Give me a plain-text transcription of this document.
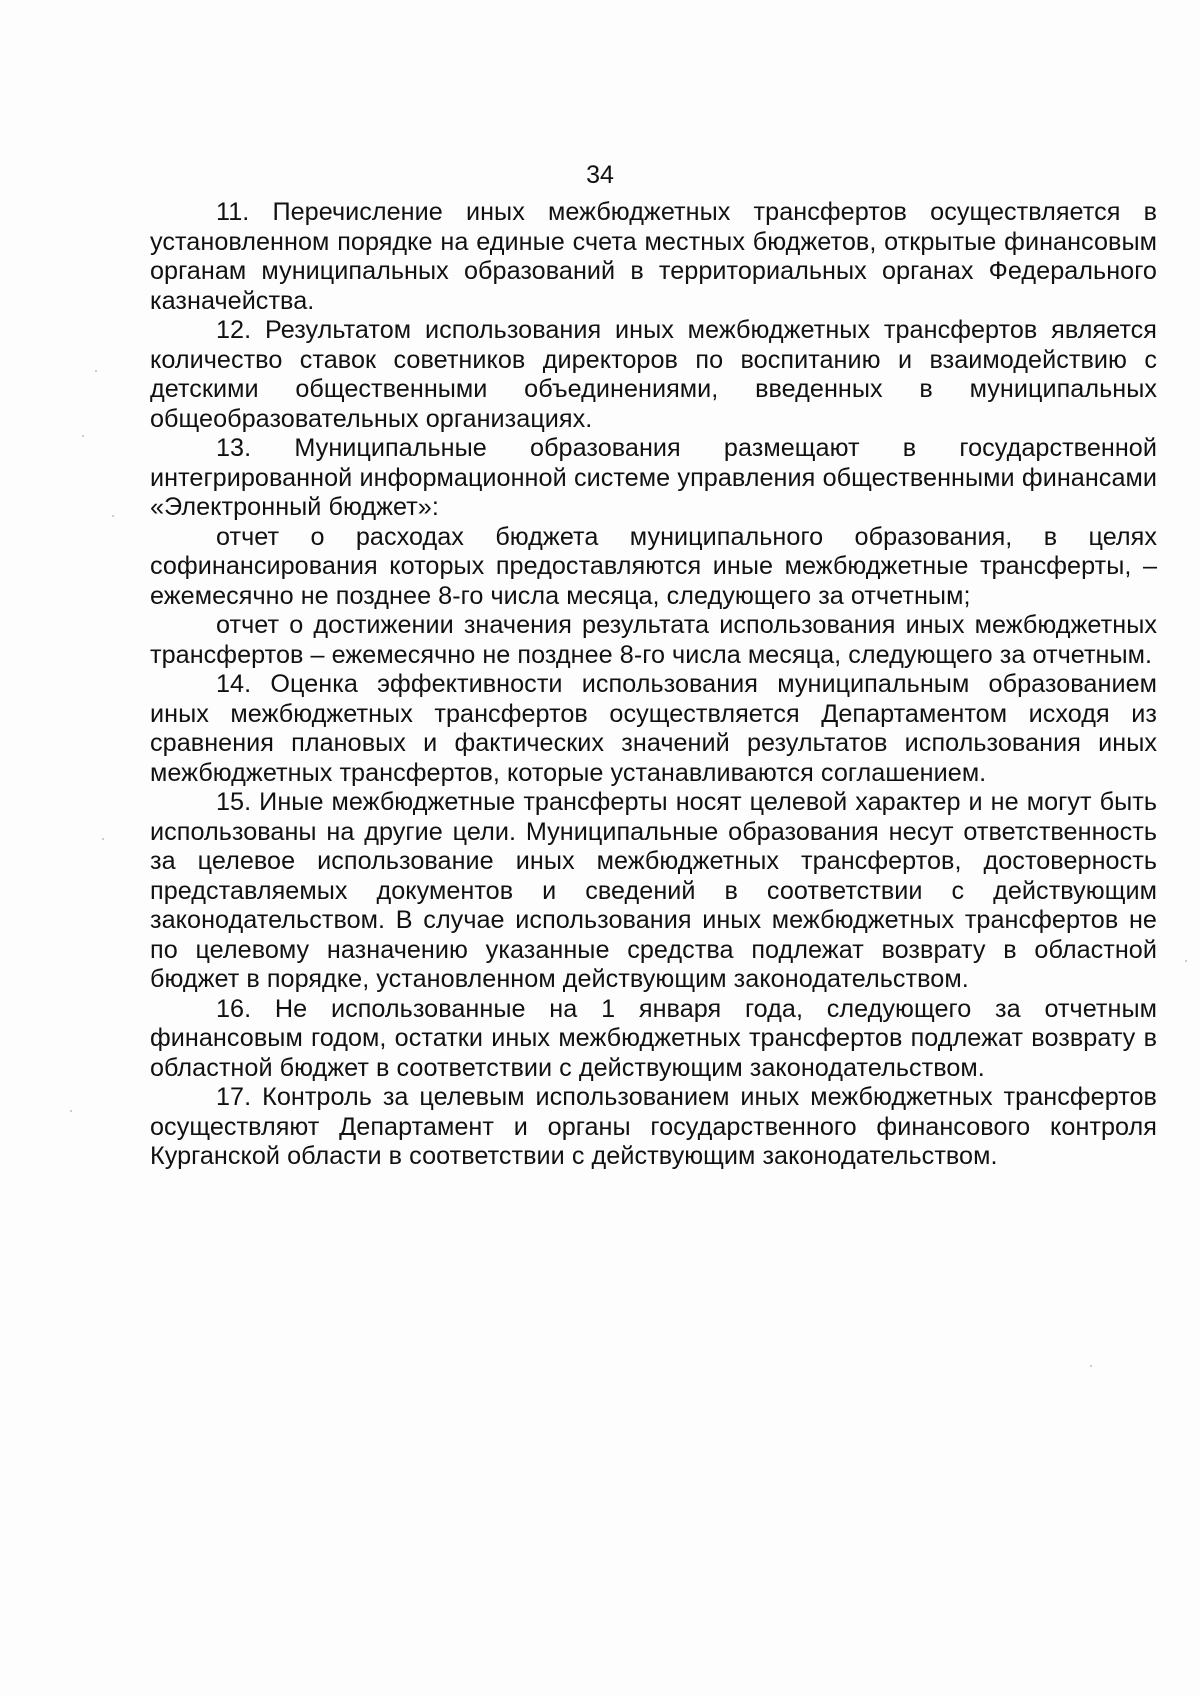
34

11. Перечисление иных межбюджетных трансфертов осуществляется в установленном порядке на единые счета местных бюджетов, открытые финансовым органам муниципальных образований в территориальных органах Федерального казначейства.

12. Результатом использования иных межбюджетных трансфертов является количество ставок советников директоров по воспитанию и взаимодействию с детскими общественными объединениями, введенных в муниципальных общеобразовательных организациях.

13. Муниципальные образования размещают в государственной интегрированной информационной системе управления общественными финансами «Электронный бюджет»:

отчет о расходах бюджета муниципального образования, в целях софинансирования которых предоставляются иные межбюджетные трансферты, – ежемесячно не позднее 8-го числа месяца, следующего за отчетным;

отчет о достижении значения результата использования иных межбюджетных трансфертов – ежемесячно не позднее 8-го числа месяца, следующего за отчетным.

14. Оценка эффективности использования муниципальным образованием иных межбюджетных трансфертов осуществляется Департаментом исходя из сравнения плановых и фактических значений результатов использования иных межбюджетных трансфертов, которые устанавливаются соглашением.

15. Иные межбюджетные трансферты носят целевой характер и не могут быть использованы на другие цели. Муниципальные образования несут ответственность за целевое использование иных межбюджетных трансфертов, достоверность представляемых документов и сведений в соответствии с действующим законодательством. В случае использования иных межбюджетных трансфертов не по целевому назначению указанные средства подлежат возврату в областной бюджет в порядке, установленном действующим законодательством.

16. Не использованные на 1 января года, следующего за отчетным финансовым годом, остатки иных межбюджетных трансфертов подлежат возврату в областной бюджет в соответствии с действующим законодательством.

17. Контроль за целевым использованием иных межбюджетных трансфертов осуществляют Департамент и органы государственного финансового контроля Курганской области в соответствии с действующим законодательством.
